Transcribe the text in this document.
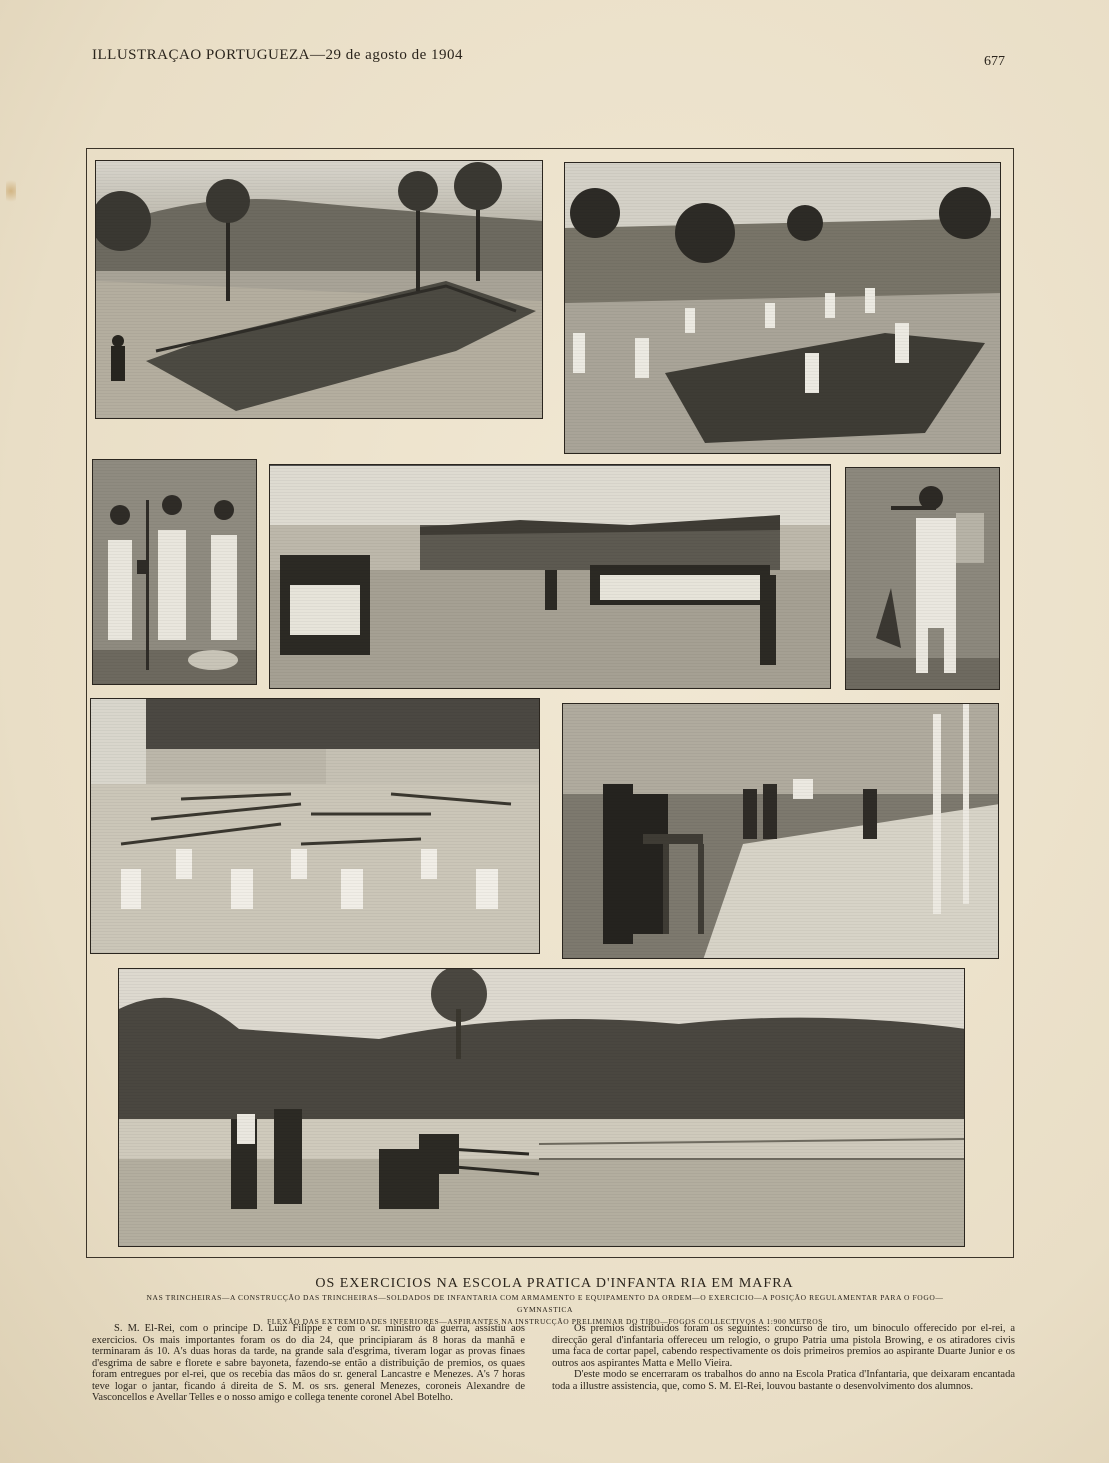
ILLUSTRAÇAO PORTUGUEZA—29 de agosto de 1904	677
OS EXERCICIOS NA ESCOLA PRATICA D'INFANTA RIA EM MAFRA
NAS TRINCHEIRAS—A CONSTRUCÇÃO DAS TRINCHEIRAS—SOLDADOS DE INFANTARIA COM ARMAMENTO E EQUIPAMENTO DA ORDEM—O EXERCICIO—A POSIÇÃO REGULAMENTAR PARA O FOGO—GYMNASTICA
FLEXÃO DAS EXTREMIDADES INFERIORES—ASPIRANTES NA INSTRUCÇÃO PRELIMINAR DO TIRO—FOGOS COLLECTIVOS A 1:900 METROS

S. M. El-Rei, com o principe D. Luiz Filippe e com o sr. ministro da guerra, assistiu aos exercicios. Os mais importantes foram os do dia 24, que principiaram ás 8 horas da manhã e terminaram ás 10. A's duas horas da tarde, na grande sala d'esgrima, tiveram logar as provas finaes d'esgrima de sabre e florete e sabre bayoneta, fazendo-se então a distribuição de premios, os quaes foram entregues por el-rei, que os recebia das mãos do sr. general Lancastre e Menezes. A's 7 horas teve logar o jantar, ficando á direita de S. M. os srs. general Menezes, coroneis Alexandre de Vasconcellos e Avellar Telles e o nosso amigo e collega tenente coronel Abel Botelho.

Os premios distribuidos foram os seguintes: concurso de tiro, um binoculo offerecido por el-rei, a direcção geral d'infantaria offereceu um relogio, o grupo Patria uma pistola Browing, e os atiradores civis uma faca de cortar papel, cabendo respectivamente os dois primeiros premios ao aspirante Duarte Junior e os outros aos aspirantes Matta e Mello Vieira.

D'este modo se encerraram os trabalhos do anno na Escola Pratica d'Infantaria, que deixaram encantada toda a illustre assistencia, que, como S. M. El-Rei, louvou bastante o desenvolvimento dos alumnos.
